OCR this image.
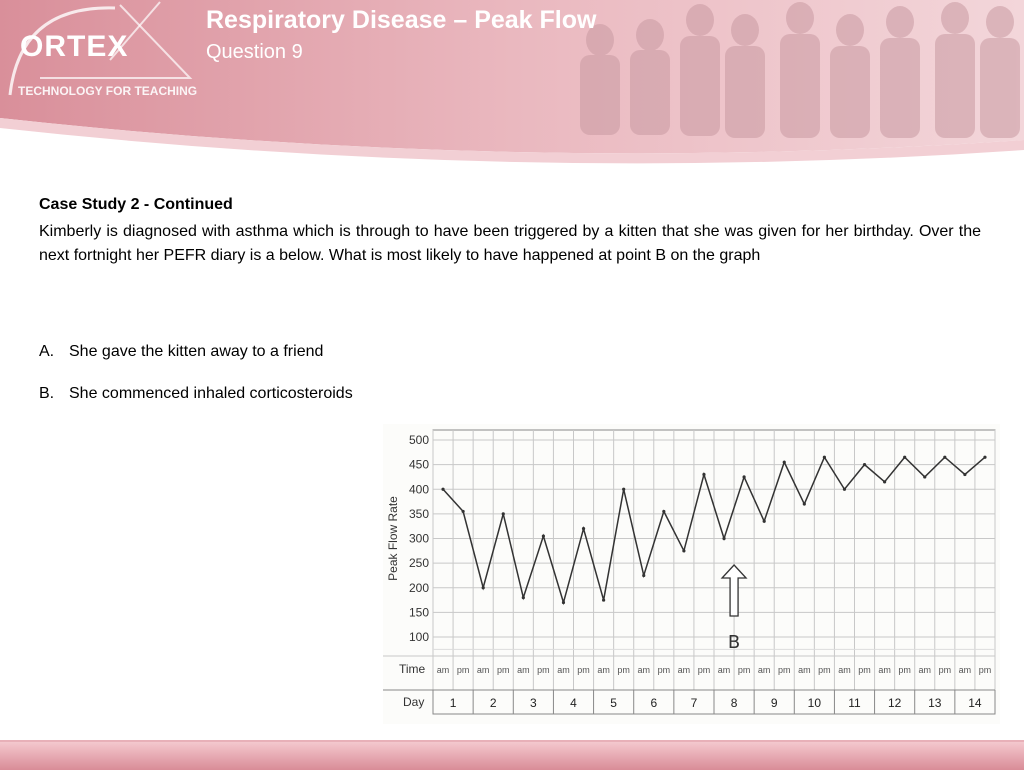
ORTEX
TECHNOLOGY FOR TEACHING
Respiratory Disease – Peak Flow
Question 9

Case Study 2 - Continued

Kimberly is diagnosed with asthma which is through to have been triggered by a kitten that she was given for her birthday. Over the next fortnight her PEFR diary is a below. What is most likely to have happened at point B on the graph

A. She gave the kitten away to a friend
B. She commenced inhaled corticosteroids
500
450
400
350
300
250
200
150
100
Peak Flow Rate
Time
Day
am pm am pm am pm am pm am pm am pm am pm am pm am pm am pm am pm am pm am pm am pm
1	2	3	4	5	6	7	8	9	10 11 12 13 14
B
